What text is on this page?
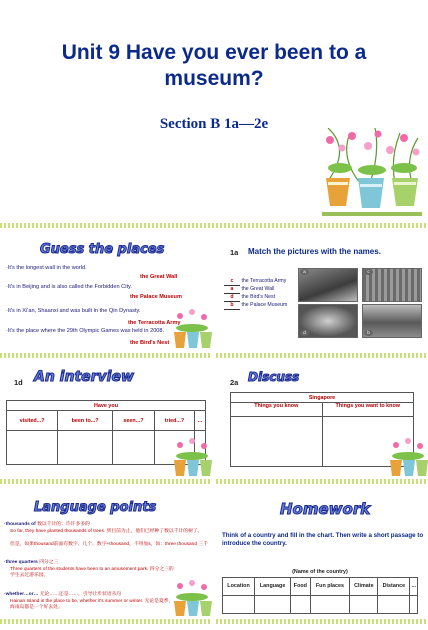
Unit 9 Have you ever been to a
museum?
Section B 1a—2e
Guess the places
·It's the longest wall in the world.
the Great Wall
·It's in Beijing and is also called the Forbidden City.
the Palace Museum
·It's in Xi'an, Shaanxi and was built in the Qin Dynasty.
the Terracotta Army
·It's the place where the 29th Olympic Games was held in 2008.
the Bird's Nest
1a Match the pictures with the names.
c the Terracotta Army
a the Great Wall
d the Bird's Nest
b the Palace Museum
a	c
d	b
1d An interview
Have you				
visited...?	been to...?	seen...?	tried...?	...

2a Discuss
Singapore	
Things you know	Things you want to know

Language points
·thousands of 数以千计的；许许多多的
So far, they have planted thousands of trees. 到目前为止，他们已经种了数以千计的树了。
但是，如果thousand前面有数字、几个、数字+thousand，不用加s，如：three thousand 三千
·three quarters 四分之三
Three quarters of the students have been to an amusement park. 四分之三的学生去过游乐园。
·whether…or… 无论……还是……，引导让步状语从句
Hainan Island is the place to be, whether it's summer or winter. 无论是夏季，海南岛都是一个好去处。
Homework
Think of a country and fill in the chart. Then write a short passage to introduce the country.
(Name of the country)						
Location	Language	Food	Fun places	Climate	Distance	...
